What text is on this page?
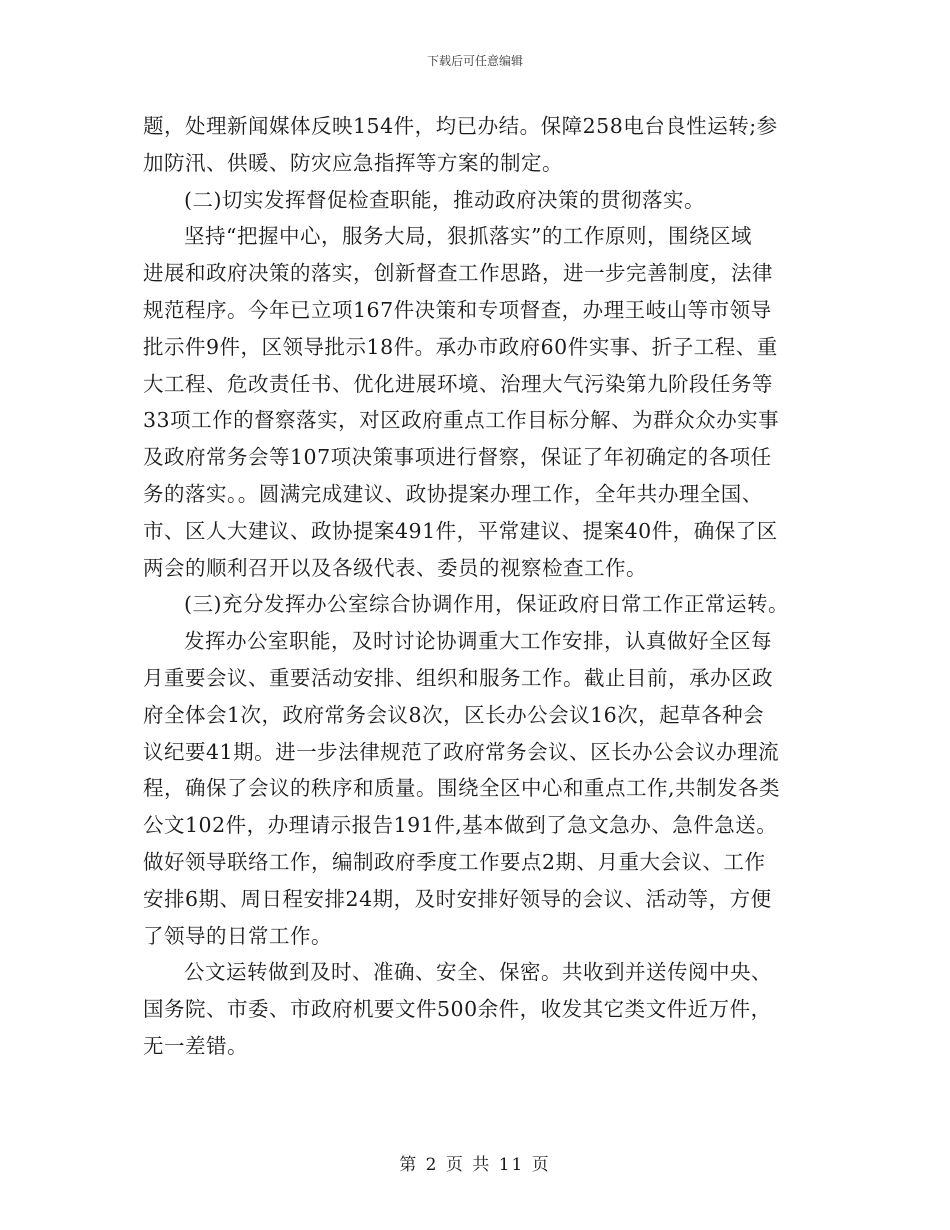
下载后可任意编辑
题，处理新闻媒体反映154件，均已办结。保障258电台良性运转;参
加防汛、供暖、防灾应急指挥等方案的制定。
(二)切实发挥督促检查职能，推动政府决策的贯彻落实。
坚持“把握中心，服务大局，狠抓落实”的工作原则，围绕区域
进展和政府决策的落实，创新督查工作思路，进一步完善制度，法律
规范程序。今年已立项167件决策和专项督查，办理王岐山等市领导
批示件9件，区领导批示18件。承办市政府60件实事、折子工程、重
大工程、危改责任书、优化进展环境、治理大气污染第九阶段任务等
33项工作的督察落实，对区政府重点工作目标分解、为群众众办实事
及政府常务会等107项决策事项进行督察，保证了年初确定的各项任
务的落实。。圆满完成建议、政协提案办理工作，全年共办理全国、
市、区人大建议、政协提案491件，平常建议、提案40件，确保了区
两会的顺利召开以及各级代表、委员的视察检查工作。
(三)充分发挥办公室综合协调作用，保证政府日常工作正常运转。
发挥办公室职能，及时讨论协调重大工作安排，认真做好全区每
月重要会议、重要活动安排、组织和服务工作。截止目前，承办区政
府全体会1次，政府常务会议8次，区长办公会议16次，起草各种会
议纪要41期。进一步法律规范了政府常务会议、区长办公会议办理流
程，确保了会议的秩序和质量。围绕全区中心和重点工作,共制发各类
公文102件，办理请示报告191件,基本做到了急文急办、急件急送。
做好领导联络工作，编制政府季度工作要点2期、月重大会议、工作
安排6期、周日程安排24期，及时安排好领导的会议、活动等，方便
了领导的日常工作。
公文运转做到及时、准确、安全、保密。共收到并送传阅中央、
国务院、市委、市政府机要文件500余件，收发其它类文件近万件，
无一差错。
第 2 页 共 11 页
